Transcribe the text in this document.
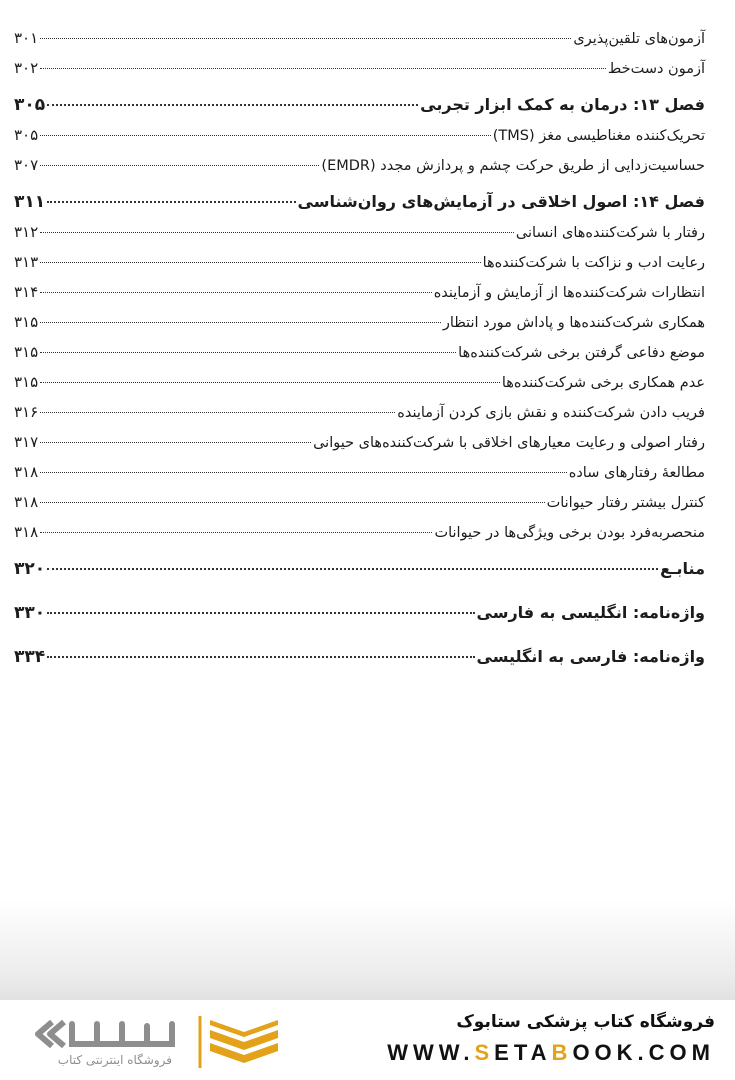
آزمون‌های تلقین‌پذیری
۳۰۱
آزمون دست‌خط
۳۰۲
فصل ۱۳: درمان به کمک ابزار تجربی
۳۰۵
تحریک‌کننده مغناطیسی مغز (TMS)
۳۰۵
حساسیت‌زدایی از طریق حرکت چشم و پردازش مجدد (EMDR)
۳۰۷
فصل ۱۴: اصول اخلاقی در آزمایش‌های روان‌شناسی
۳۱۱
رفتار با شرکت‌کننده‌های انسانی
۳۱۲
رعایت ادب و نزاکت با شرکت‌کننده‌ها
۳۱۳
انتظارات شرکت‌کننده‌ها از آزمایش و آزماینده
۳۱۴
همکاری شرکت‌کننده‌ها و پاداش مورد انتظار
۳۱۵
موضع دفاعی گرفتن برخی شرکت‌کننده‌ها
۳۱۵
عدم همکاری برخی شرکت‌کننده‌ها
۳۱۵
فریب دادن شرکت‌کننده و نقش بازی کردن آزماینده
۳۱۶
رفتار اصولی و رعایت معیارهای اخلاقی با شرکت‌کننده‌های حیوانی
۳۱۷
مطالعۀ رفتارهای ساده
۳۱۸
کنترل بیشتر رفتار حیوانات
۳۱۸
منحصربه‌فرد بودن برخی ویژگی‌ها در حیوانات
۳۱۸
منابـع
۳۲۰
واژه‌نامه: انگلیسی به فارسی
۳۳۰
واژه‌نامه: فارسی به انگلیسی
۳۳۴
فروشگاه اینترنتی کتاب
فروشگاه کتاب پزشکی ستابوک
WWW.SETABOOK.COM
